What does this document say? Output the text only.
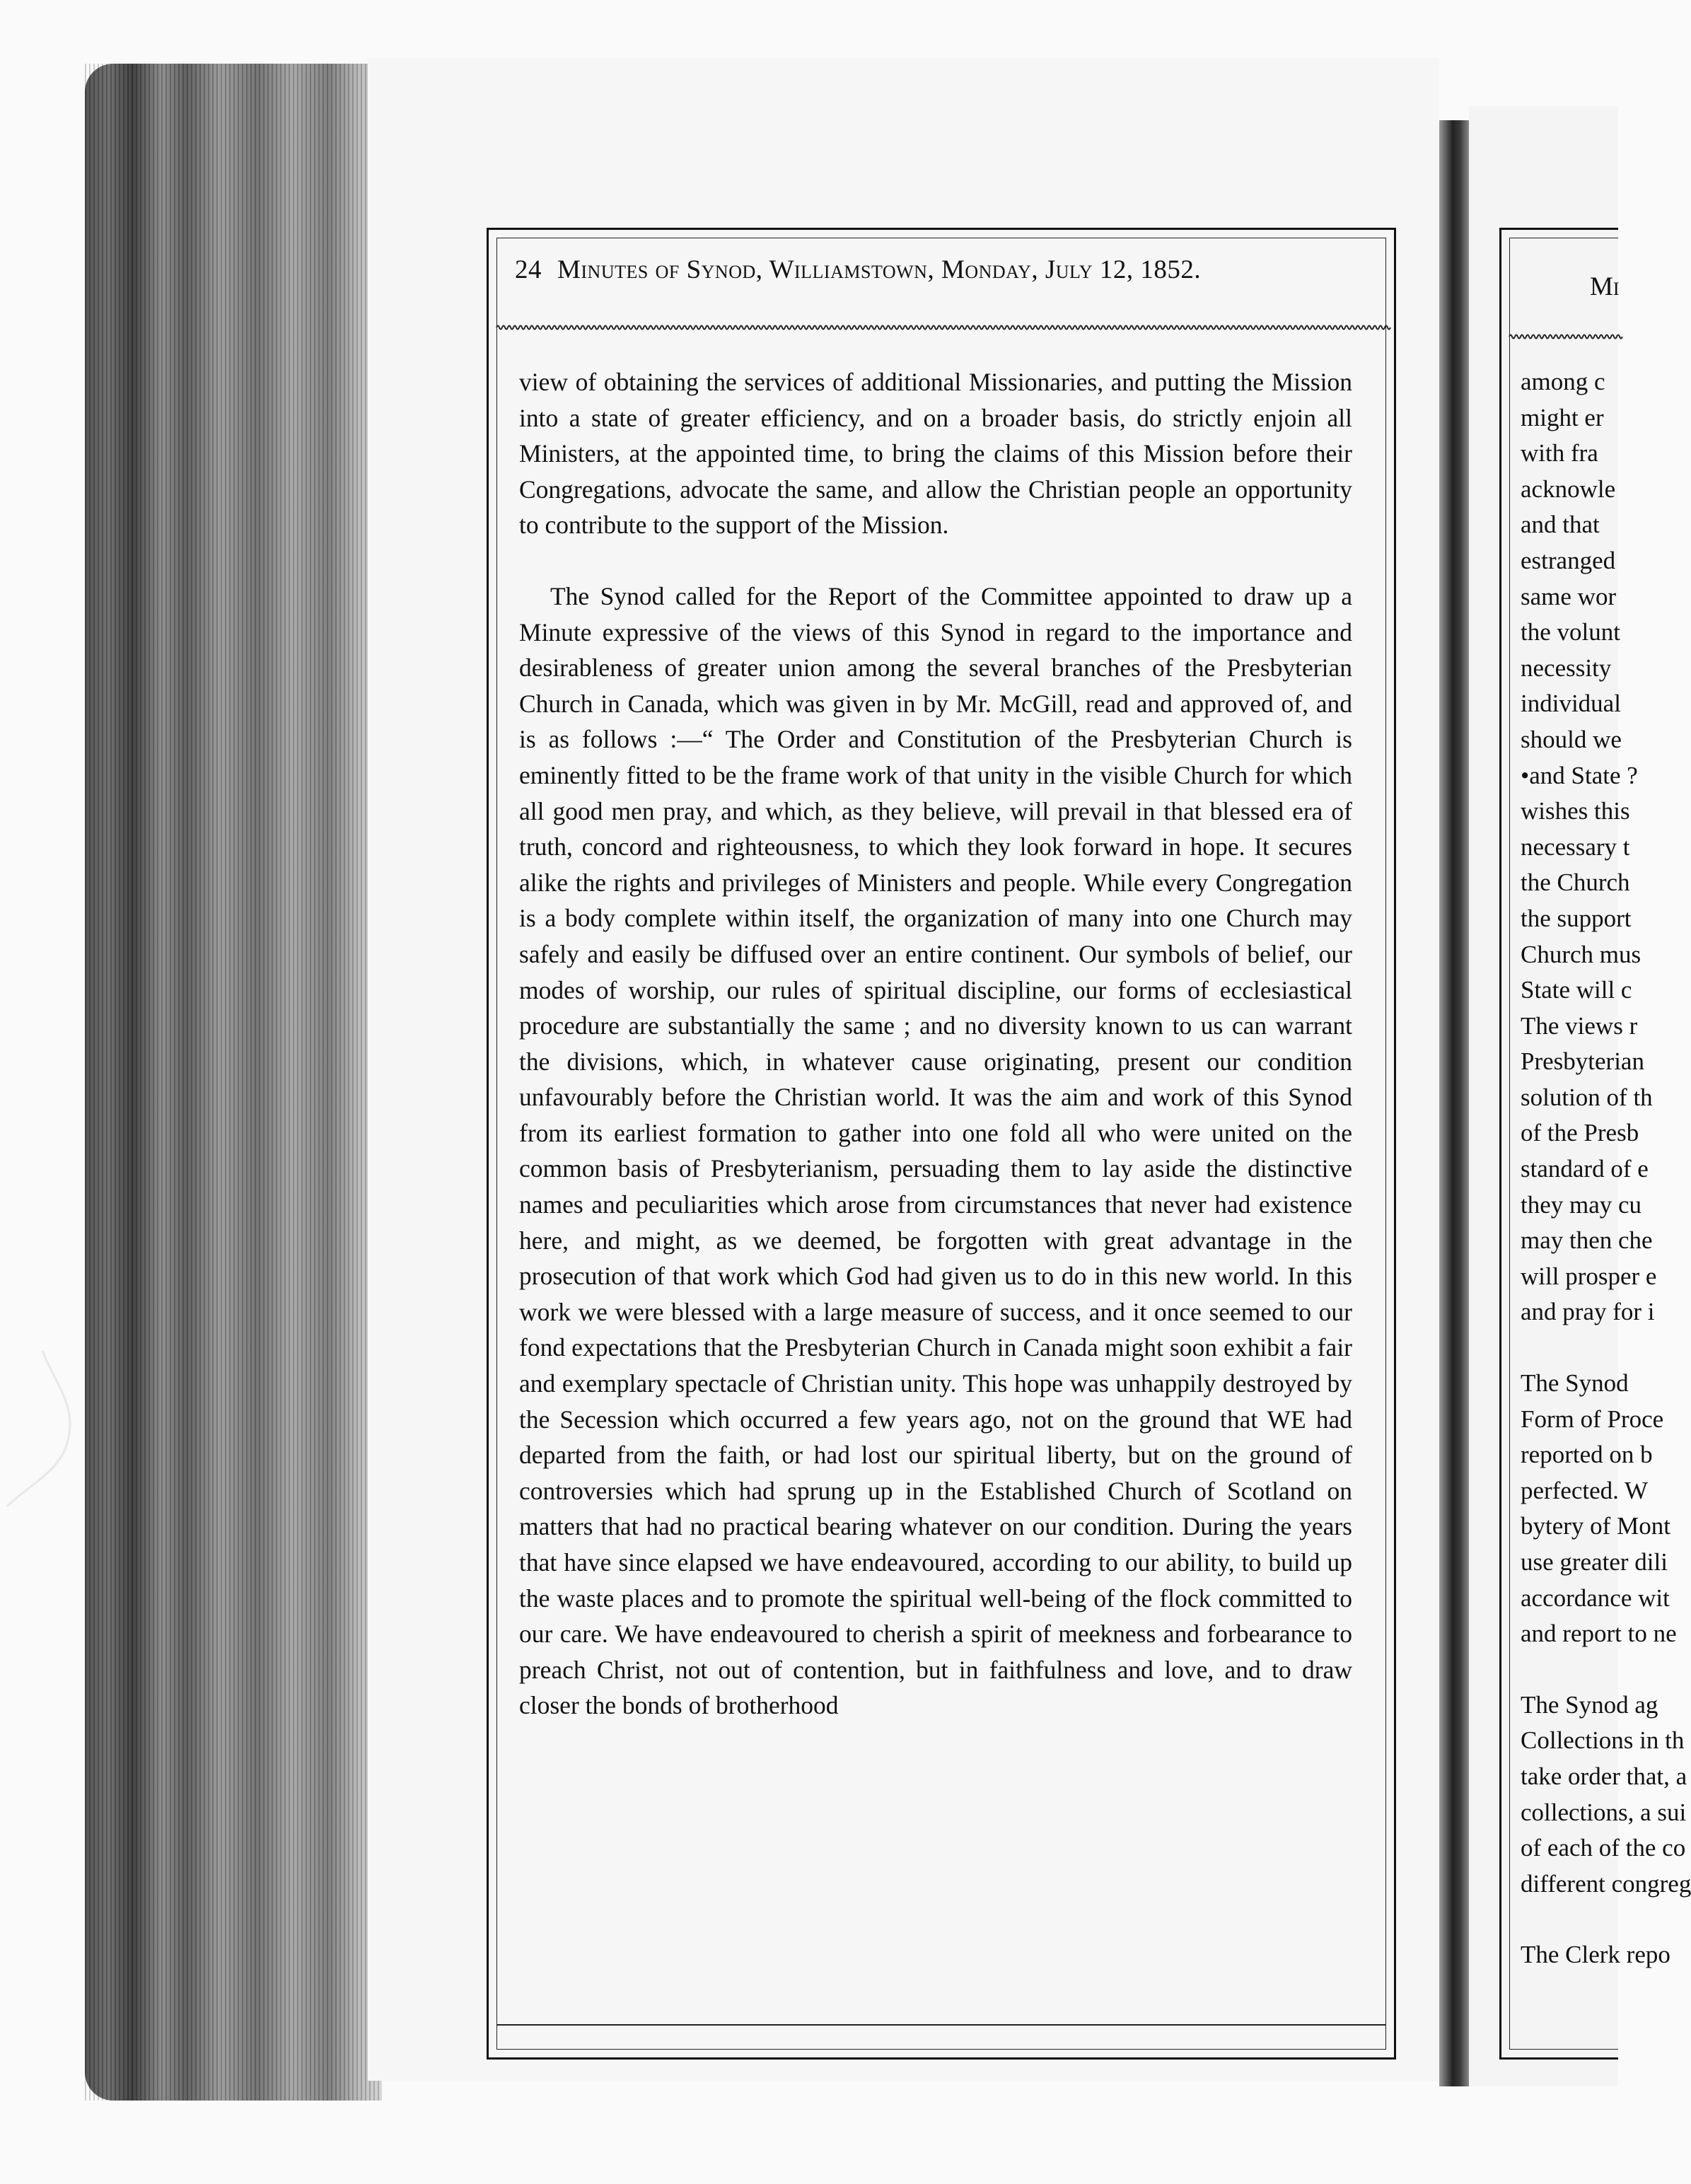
24 Minutes of Synod, Williamstown, Monday, July 12, 1852.

view of obtaining the services of additional Missionaries, and putting the Mission into a state of greater efficiency, and on a broader basis, do strictly enjoin all Ministers, at the appointed time, to bring the claims of this Mission before their Congregations, advocate the same, and allow the Christian people an opportunity to contribute to the support of the Mission.

The Synod called for the Report of the Committee appointed to draw up a Minute expressive of the views of this Synod in regard to the importance and desirableness of greater union among the several branches of the Presbyterian Church in Canada, which was given in by Mr. McGill, read and approved of, and is as follows :—“ The Order and Constitution of the Presbyterian Church is eminently fitted to be the frame work of that unity in the visible Church for which all good men pray, and which, as they believe, will prevail in that blessed era of truth, concord and righteousness, to which they look forward in hope. It secures alike the rights and privileges of Ministers and people. While every Congregation is a body complete within itself, the organization of many into one Church may safely and easily be diffused over an entire continent. Our symbols of belief, our modes of worship, our rules of spiritual discipline, our forms of ecclesiastical procedure are substantially the same ; and no diversity known to us can warrant the divisions, which, in whatever cause originating, present our condition unfavourably before the Christian world. It was the aim and work of this Synod from its earliest formation to gather into one fold all who were united on the common basis of Presbyterianism, persuading them to lay aside the distinctive names and peculiarities which arose from circumstances that never had existence here, and might, as we deemed, be forgotten with great advantage in the prosecution of that work which God had given us to do in this new world. In this work we were blessed with a large measure of success, and it once seemed to our fond expectations that the Presbyterian Church in Canada might soon exhibit a fair and exemplary spectacle of Christian unity. This hope was unhappily destroyed by the Secession which occurred a few years ago, not on the ground that WE had departed from the faith, or had lost our spiritual liberty, but on the ground of controversies which had sprung up in the Established Church of Scotland on matters that had no practical bearing whatever on our condition. During the years that have since elapsed we have endeavoured, according to our ability, to build up the waste places and to promote the spiritual well-being of the flock committed to our care. We have endeavoured to cherish a spirit of meekness and forbearance to preach Christ, not out of contention, but in faithfulness and love, and to draw closer the bonds of brotherhood

Mi
among c
might er
with fra
acknowle
and that
estranged
same wor
the volunt
necessity
individual
should we
•and State ?
wishes this
necessary t
the Church
the support
Church mus
State will c
The views r
Presbyterian
solution of th
of the Presb
standard of e
they may cu
may then che
will prosper e
and pray for i
The Synod
Form of Proce
reported on b
perfected. W
bytery of Mont
use greater dili
accordance wit
and report to ne
The Synod ag
Collections in th
take order that, a
collections, a sui
of each of the co
different congreg
The Clerk repo
